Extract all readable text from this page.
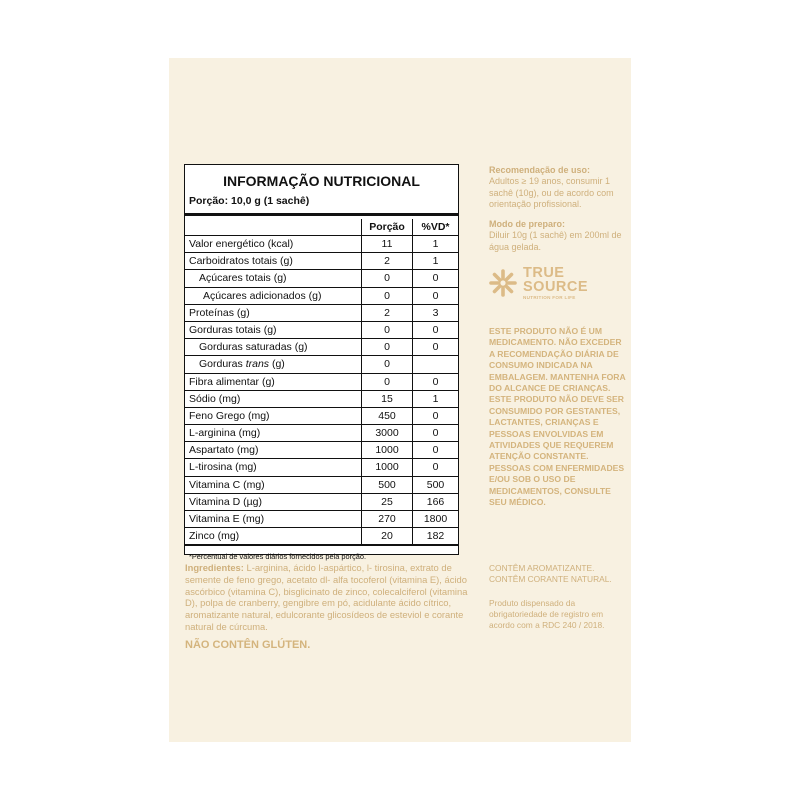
INFORMAÇÃO NUTRICIONAL
Porção: 10,0 g (1 sachê)
Porção	%VD*
Valor energético (kcal)	11	1
Carboidratos totais (g)	2	1
Açúcares totais (g)	0	0
Açúcares adicionados (g)	0	0
Proteínas (g)	2	3
Gorduras totais (g)	0	0
Gorduras saturadas (g)	0	0
Gorduras trans (g)	0
Fibra alimentar (g)	0	0
Sódio (mg)	15	1
Feno Grego (mg)	450	0
L-arginina (mg)	3000	0
Aspartato (mg)	1000	0
L-tirosina (mg)	1000	0
Vitamina C (mg)	500	500
Vitamina D (µg)	25	166
Vitamina E (mg)	270	1800
Zinco (mg)	20	182
*Percentual de valores diários fornecidos pela porção.
Ingredientes: L-arginina, ácido l-aspártico, l- tirosina, extrato de semente de feno grego, acetato dl- alfa tocoferol (vitamina E), ácido ascórbico (vitamina C), bisglicinato de zinco, colecalciferol (vitamina D), polpa de cranberry, gengibre em pó, acidulante ácido cítrico, aromatizante natural, edulcorante glicosídeos de esteviol e corante natural de cúrcuma.
NÃO CONTÊN GLÚTEN.
Recomendação de uso:
Adultos ≥ 19 anos, consumir 1 sachê (10g), ou de acordo com orientação profissional.
Modo de preparo:
Diluir 10g (1 sachê) em 200ml de água gelada.
TRUE
SOURCE
NUTRITION FOR LIFE
ESTE PRODUTO NÃO É UM MEDICAMENTO. NÃO EXCEDER A RECOMENDAÇÃO DIÁRIA DE CONSUMO INDICADA NA EMBALAGEM. MANTENHA FORA DO ALCANCE DE CRIANÇAS. ESTE PRODUTO NÃO DEVE SER CONSUMIDO POR GESTANTES, LACTANTES, CRIANÇAS E PESSOAS ENVOLVIDAS EM ATIVIDADES QUE REQUEREM ATENÇÃO CONSTANTE. PESSOAS COM ENFERMIDADES E/OU SOB O USO DE MEDICAMENTOS, CONSULTE SEU MÉDICO.
CONTÊM AROMATIZANTE.
CONTÊM CORANTE NATURAL.
Produto dispensado da obrigatoriedade de registro em acordo com a RDC 240 / 2018.
